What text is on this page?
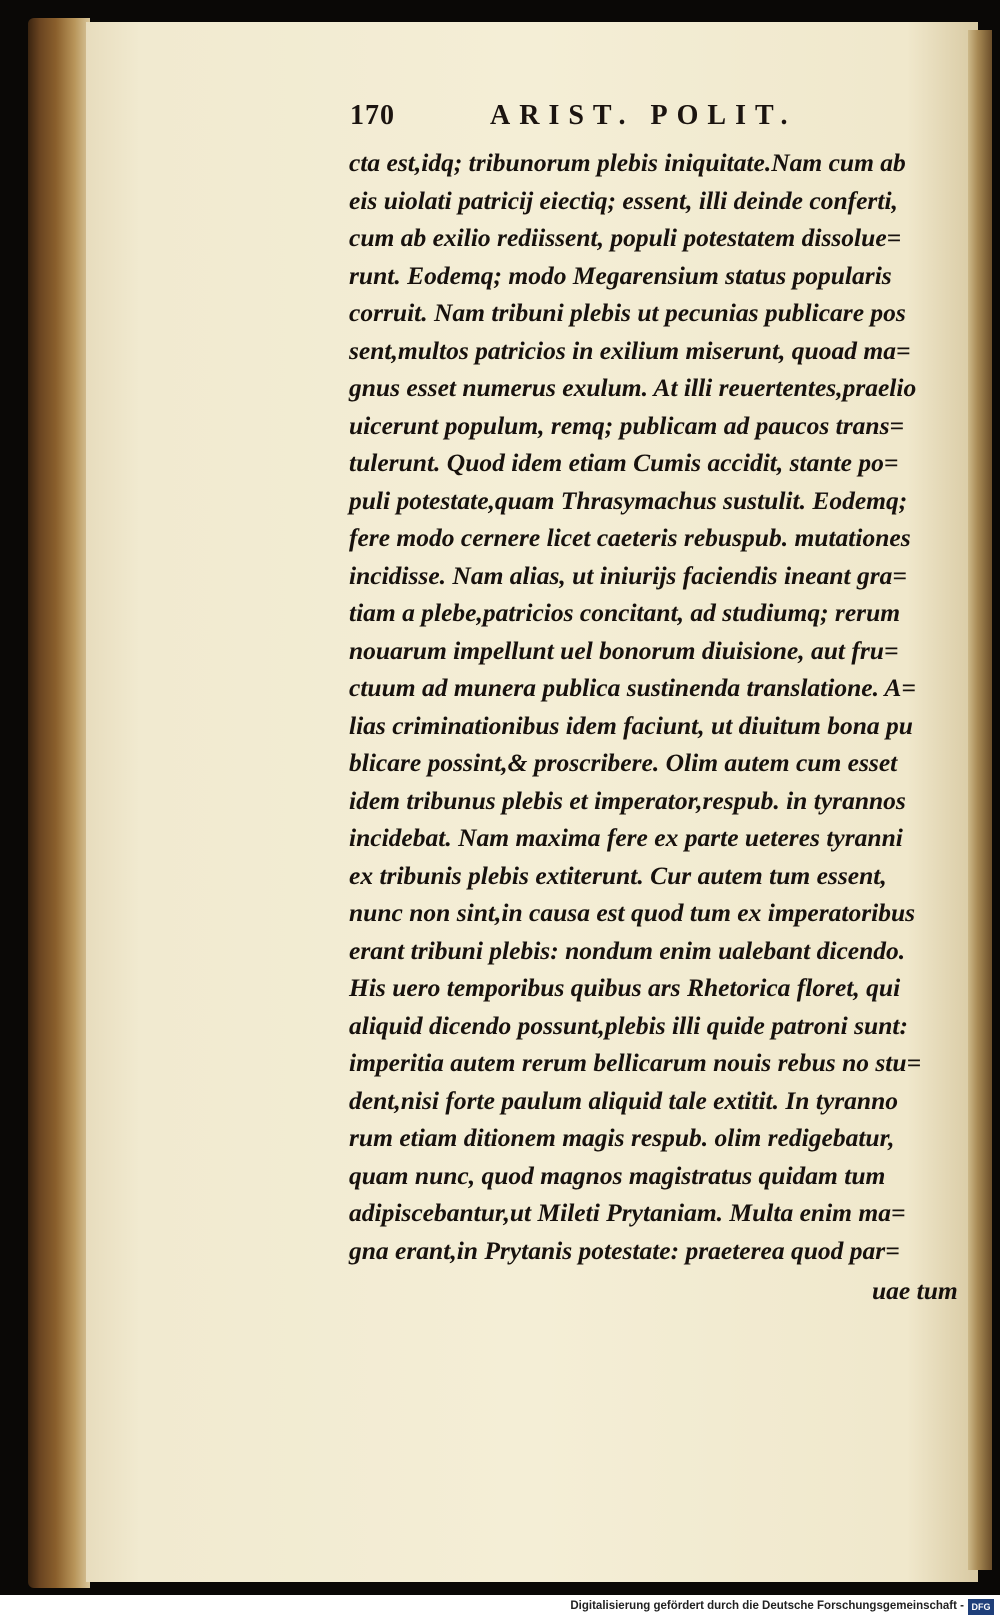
170	ARIST. POLIT.
cta est,idq; tribunorum plebis iniquitate.Nam cum ab
eis uiolati patricij eiectiq; essent, illi deinde conferti,
cum ab exilio rediissent, populi potestatem dissolue=
runt. Eodemq; modo Megarensium status popularis
corruit. Nam tribuni plebis ut pecunias publicare pos
sent,multos patricios in exilium miserunt, quoad ma=
gnus esset numerus exulum. At illi reuertentes,praelio
uicerunt populum, remq; publicam ad paucos trans=
tulerunt. Quod idem etiam Cumis accidit, stante po=
puli potestate,quam Thrasymachus sustulit. Eodemq;
fere modo cernere licet caeteris rebuspub. mutationes
incidisse. Nam alias, ut iniurijs faciendis ineant gra=
tiam a plebe,patricios concitant, ad studiumq; rerum
nouarum impellunt uel bonorum diuisione, aut fru=
ctuum ad munera publica sustinenda translatione. A=
lias criminationibus idem faciunt, ut diuitum bona pu
blicare possint,& proscribere. Olim autem cum esset
idem tribunus plebis et imperator,respub. in tyrannos
incidebat. Nam maxima fere ex parte ueteres tyranni
ex tribunis plebis extiterunt. Cur autem tum essent,
nunc non sint,in causa est quod tum ex imperatoribus
erant tribuni plebis: nondum enim ualebant dicendo.
His uero temporibus quibus ars Rhetorica floret, qui
aliquid dicendo possunt,plebis illi quide patroni sunt:
imperitia autem rerum bellicarum nouis rebus no stu=
dent,nisi forte paulum aliquid tale extitit. In tyranno
rum etiam ditionem magis respub. olim redigebatur,
quam nunc, quod magnos magistratus quidam tum
adipiscebantur,ut Mileti Prytaniam. Multa enim ma=
gna erant,in Prytanis potestate: praeterea quod par=
uae tum
Digitalisierung gefördert durch die Deutsche Forschungsgemeinschaft - DFG
